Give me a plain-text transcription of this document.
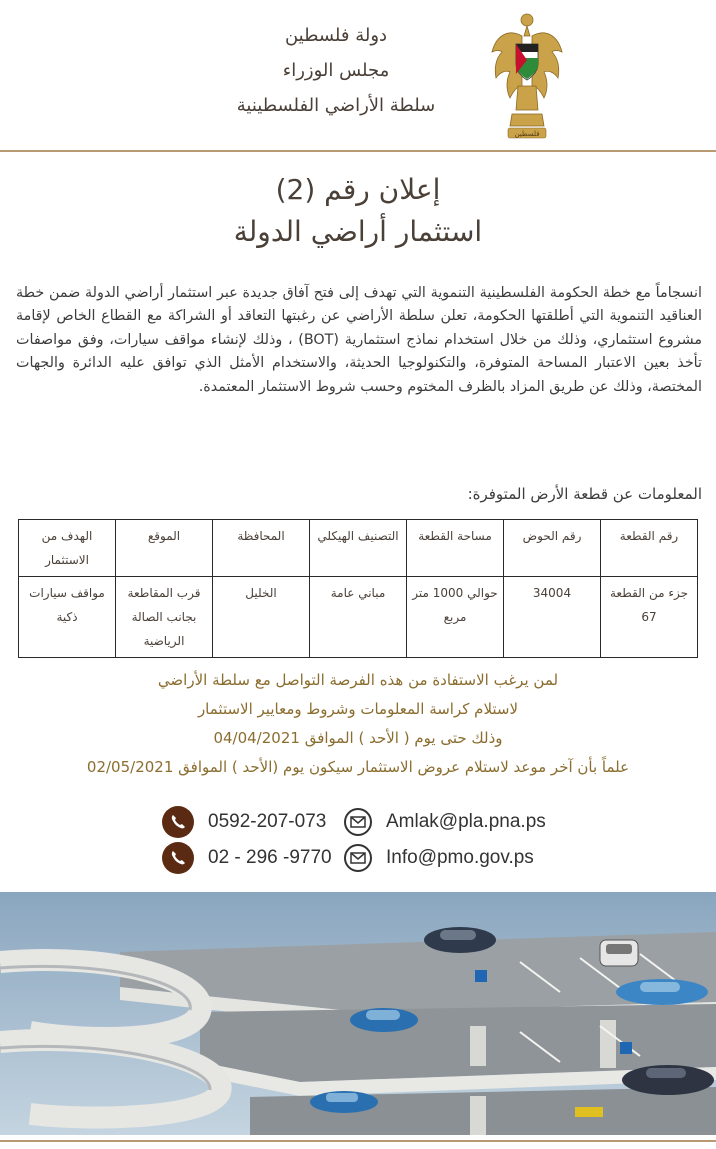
فلسطين
دولة فلسطين
مجلس الوزراء
سلطة الأراضي الفلسطينية
إعلان رقم (2)
استثمار أراضي الدولة
انسجاماً مع خطة الحكومة الفلسطينية التنموية التي تهدف إلى فتح آفاق جديدة عبر استثمار أراضي الدولة ضمن خطة العناقيد التنموية التي أطلقتها الحكومة، تعلن سلطة الأراضي عن رغبتها التعاقد أو الشراكة مع القطاع الخاص لإقامة مشروع استثماري، وذلك من خلال استخدام نماذج استثمارية (BOT) ، وذلك لإنشاء مواقف سيارات، وفق مواصفات تأخذ بعين الاعتبار المساحة المتوفرة، والتكنولوجيا الحديثة، والاستخدام الأمثل الذي توافق عليه الدائرة والجهات المختصة، وذلك عن طريق المزاد بالظرف المختوم وحسب شروط الاستثمار المعتمدة.
المعلومات عن قطعة الأرض المتوفرة:
رقم القطعة	رقم الحوض	مساحة القطعة	التصنيف الهيكلي	المحافظة	الموقع	الهدف من الاستثمار
جزء من القطعة 67	34004	حوالي 1000 متر مربع	مباني عامة	الخليل	قرب المقاطعة بجانب الصالة الرياضية	مواقف سيارات ذكية
لمن يرغب الاستفادة من هذه الفرصة التواصل مع سلطة الأراضي
لاستلام كراسة المعلومات وشروط ومعايير الاستثمار
وذلك حتى يوم ( الأحد ) الموافق 04/04/2021
علماً بأن آخر موعد لاستلام عروض الاستثمار سيكون يوم (الأحد ) الموافق 02/05/2021
0592-207-073	Amlak@pla.pna.ps
02 - 296 -9770	Info@pmo.gov.ps
